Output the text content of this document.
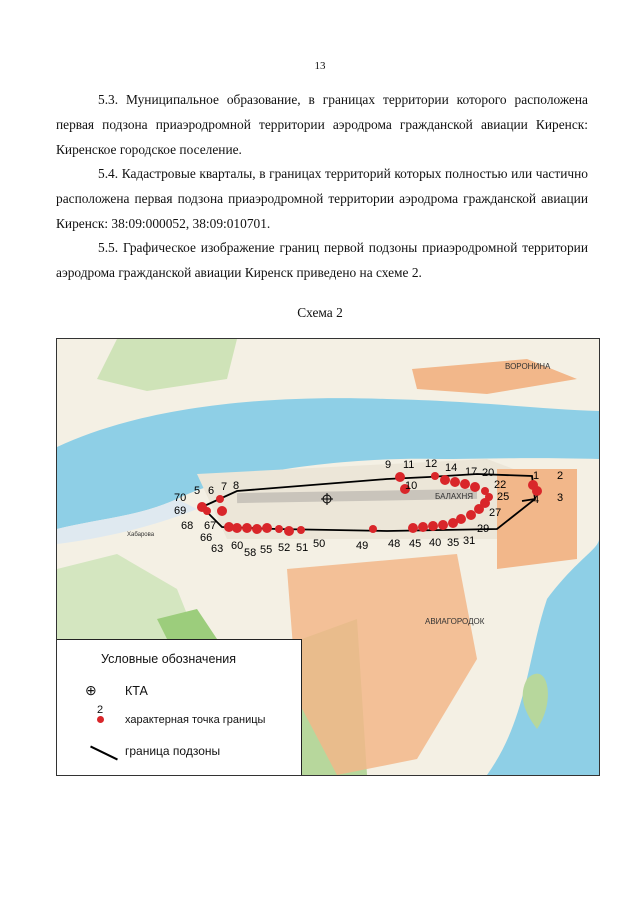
13

5.3. Муниципальное образование, в границах территории которого расположена первая подзона приаэродромной территории аэродрома гражданской авиации Киренск: Киренское городское поселение.

5.4. Кадастровые кварталы, в границах территорий которых полностью или частично расположена первая подзона приаэродромной территории аэродрома гражданской авиации Киренск: 38:09:000052, 38:09:010701.

5.5. Графическое изображение границ первой подзоны приаэродромной территории аэродрома гражданской авиации Киренск приведено на схеме 2.

Схема 2
1 2
3
4
5 6 7 8
9
10
11 12 14 17 20
22
25
27
29
31
35
40
45
48
49
50
51
52
55
58
60
63
66
67
68
69
70
ВОРОНИНА
БАЛАХНЯ
АВИАГОРОДОК
Хабарова
Условные обозначения
⊕	КТА
2
характерная точка границы
граница подзоны
